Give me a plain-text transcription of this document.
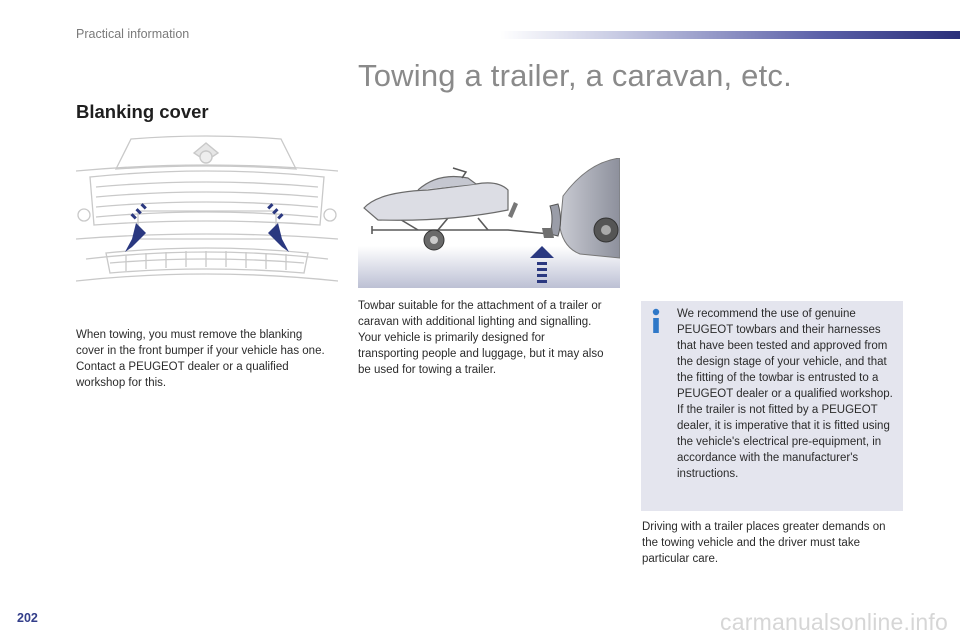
Practical information
Towing a trailer, a caravan, etc.
Blanking cover

When towing, you must remove the blanking cover in the front bumper if your vehicle has one.

Contact a PEUGEOT dealer or a qualified workshop for this.

Towbar suitable for the attachment of a trailer or caravan with additional lighting and signalling.

Your vehicle is primarily designed for transporting people and luggage, but it may also be used for towing a trailer.

We recommend the use of genuine PEUGEOT towbars and their harnesses that have been tested and approved from the design stage of your vehicle, and that the fitting of the towbar is entrusted to a PEUGEOT dealer or a qualified workshop.

If the trailer is not fitted by a PEUGEOT dealer, it is imperative that it is fitted using the vehicle's electrical pre-equipment, in accordance with the manufacturer's instructions.

Driving with a trailer places greater demands on the towing vehicle and the driver must take particular care.

202	carmanualsonline.info
